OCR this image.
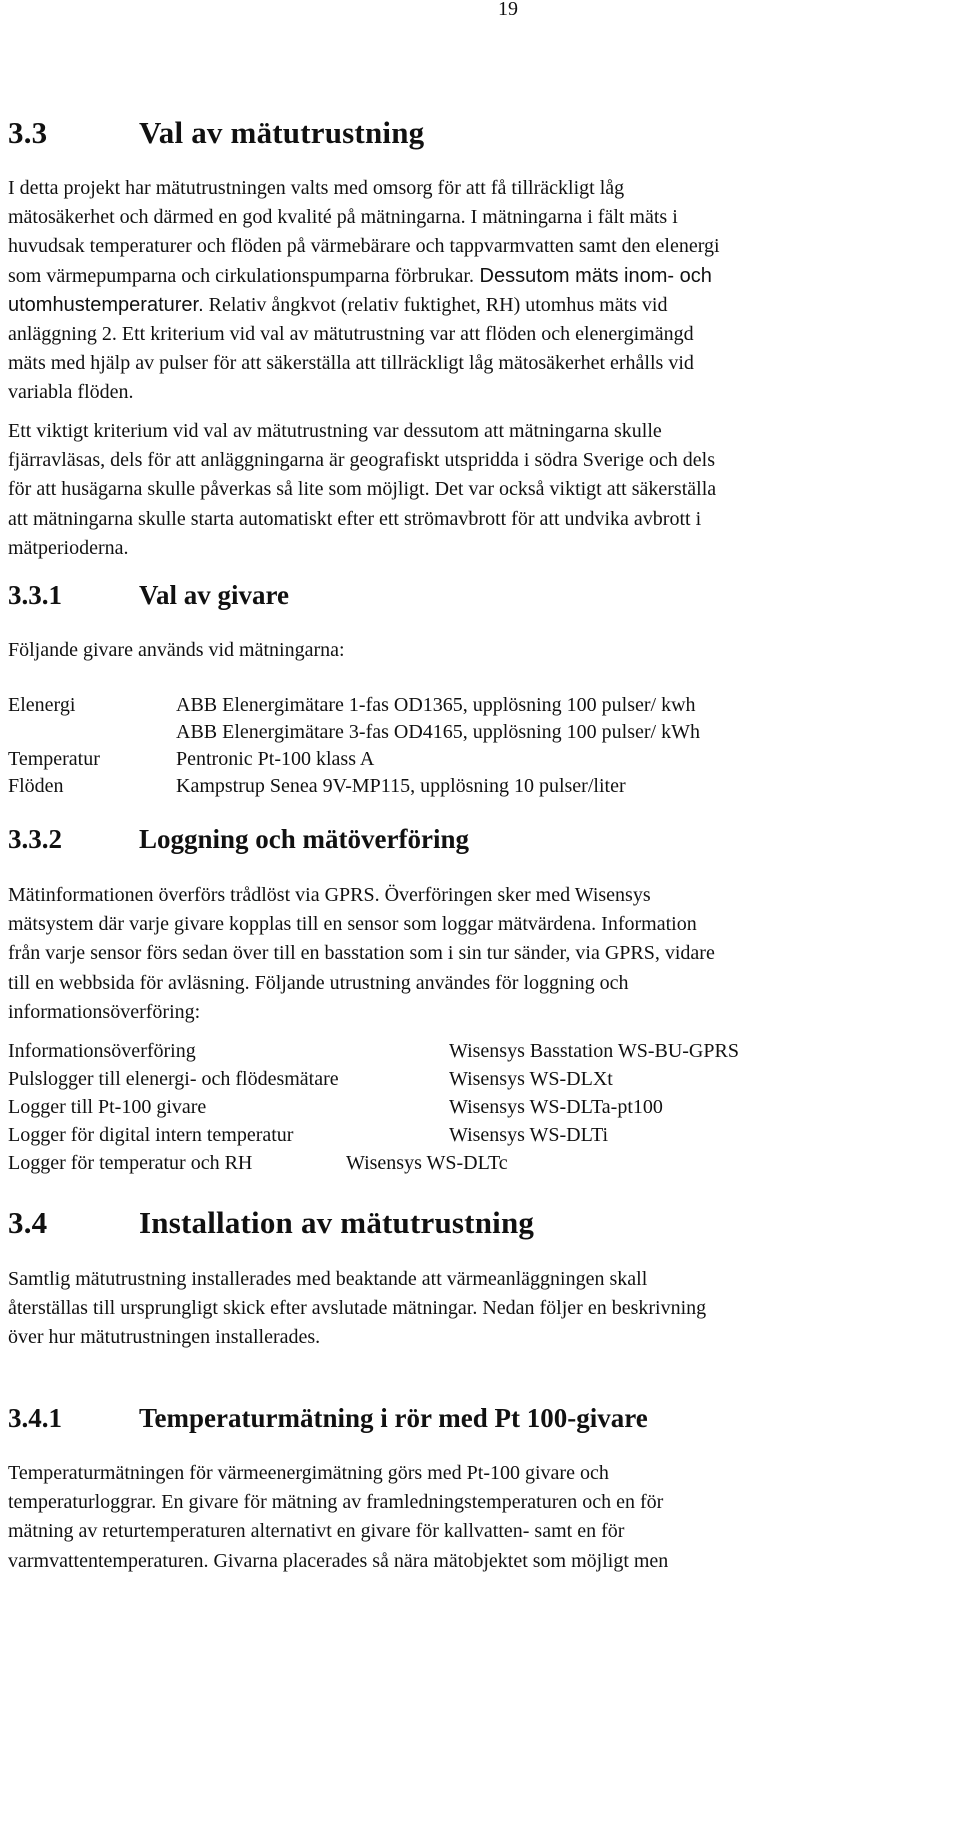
19
3.3	Val av mätutrustning
I detta projekt har mätutrustningen valts med omsorg för att få tillräckligt låg
mätosäkerhet och därmed en god kvalité på mätningarna. I mätningarna i fält mäts i
huvudsak temperaturer och flöden på värmebärare och tappvarmvatten samt den elenergi
som värmepumparna och cirkulationspumparna förbrukar. Dessutom mäts inom- och
utomhustemperaturer. Relativ ångkvot (relativ fuktighet, RH) utomhus mäts vid
anläggning 2. Ett kriterium vid val av mätutrustning var att flöden och elenergimängd
mäts med hjälp av pulser för att säkerställa att tillräckligt låg mätosäkerhet erhålls vid
variabla flöden.
Ett viktigt kriterium vid val av mätutrustning var dessutom att mätningarna skulle
fjärravläsas, dels för att anläggningarna är geografiskt utspridda i södra Sverige och dels
för att husägarna skulle påverkas så lite som möjligt. Det var också viktigt att säkerställa
att mätningarna skulle starta automatiskt efter ett strömavbrott för att undvika avbrott i
mätperioderna.
3.3.1	Val av givare
Följande givare används vid mätningarna:
Elenergi	ABB Elenergimätare 1-fas OD1365, upplösning 100 pulser/ kwh
ABB Elenergimätare 3-fas OD4165, upplösning 100 pulser/ kWh
Temperatur	Pentronic Pt-100 klass A
Flöden	Kampstrup Senea 9V-MP115, upplösning 10 pulser/liter
3.3.2	Loggning och mätöverföring
Mätinformationen överförs trådlöst via GPRS. Överföringen sker med Wisensys
mätsystem där varje givare kopplas till en sensor som loggar mätvärdena. Information
från varje sensor förs sedan över till en basstation som i sin tur sänder, via GPRS, vidare
till en webbsida för avläsning. Följande utrustning användes för loggning och
informationsöverföring:
Informationsöverföring	Wisensys Basstation WS-BU-GPRS
Pulslogger till elenergi- och flödesmätare	Wisensys WS-DLXt
Logger till Pt-100 givare	Wisensys WS-DLTa-pt100
Logger för digital intern temperatur	Wisensys WS-DLTi
Logger för temperatur och RH	Wisensys WS-DLTc
3.4	Installation av mätutrustning
Samtlig mätutrustning installerades med beaktande att värmeanläggningen skall
återställas till ursprungligt skick efter avslutade mätningar. Nedan följer en beskrivning
över hur mätutrustningen installerades.
3.4.1	Temperaturmätning i rör med Pt 100-givare
Temperaturmätningen för värmeenergimätning görs med Pt-100 givare och
temperaturloggrar. En givare för mätning av framledningstemperaturen och en för
mätning av returtemperaturen alternativt en givare för kallvatten- samt en för
varmvattentemperaturen. Givarna placerades så nära mätobjektet som möjligt men
